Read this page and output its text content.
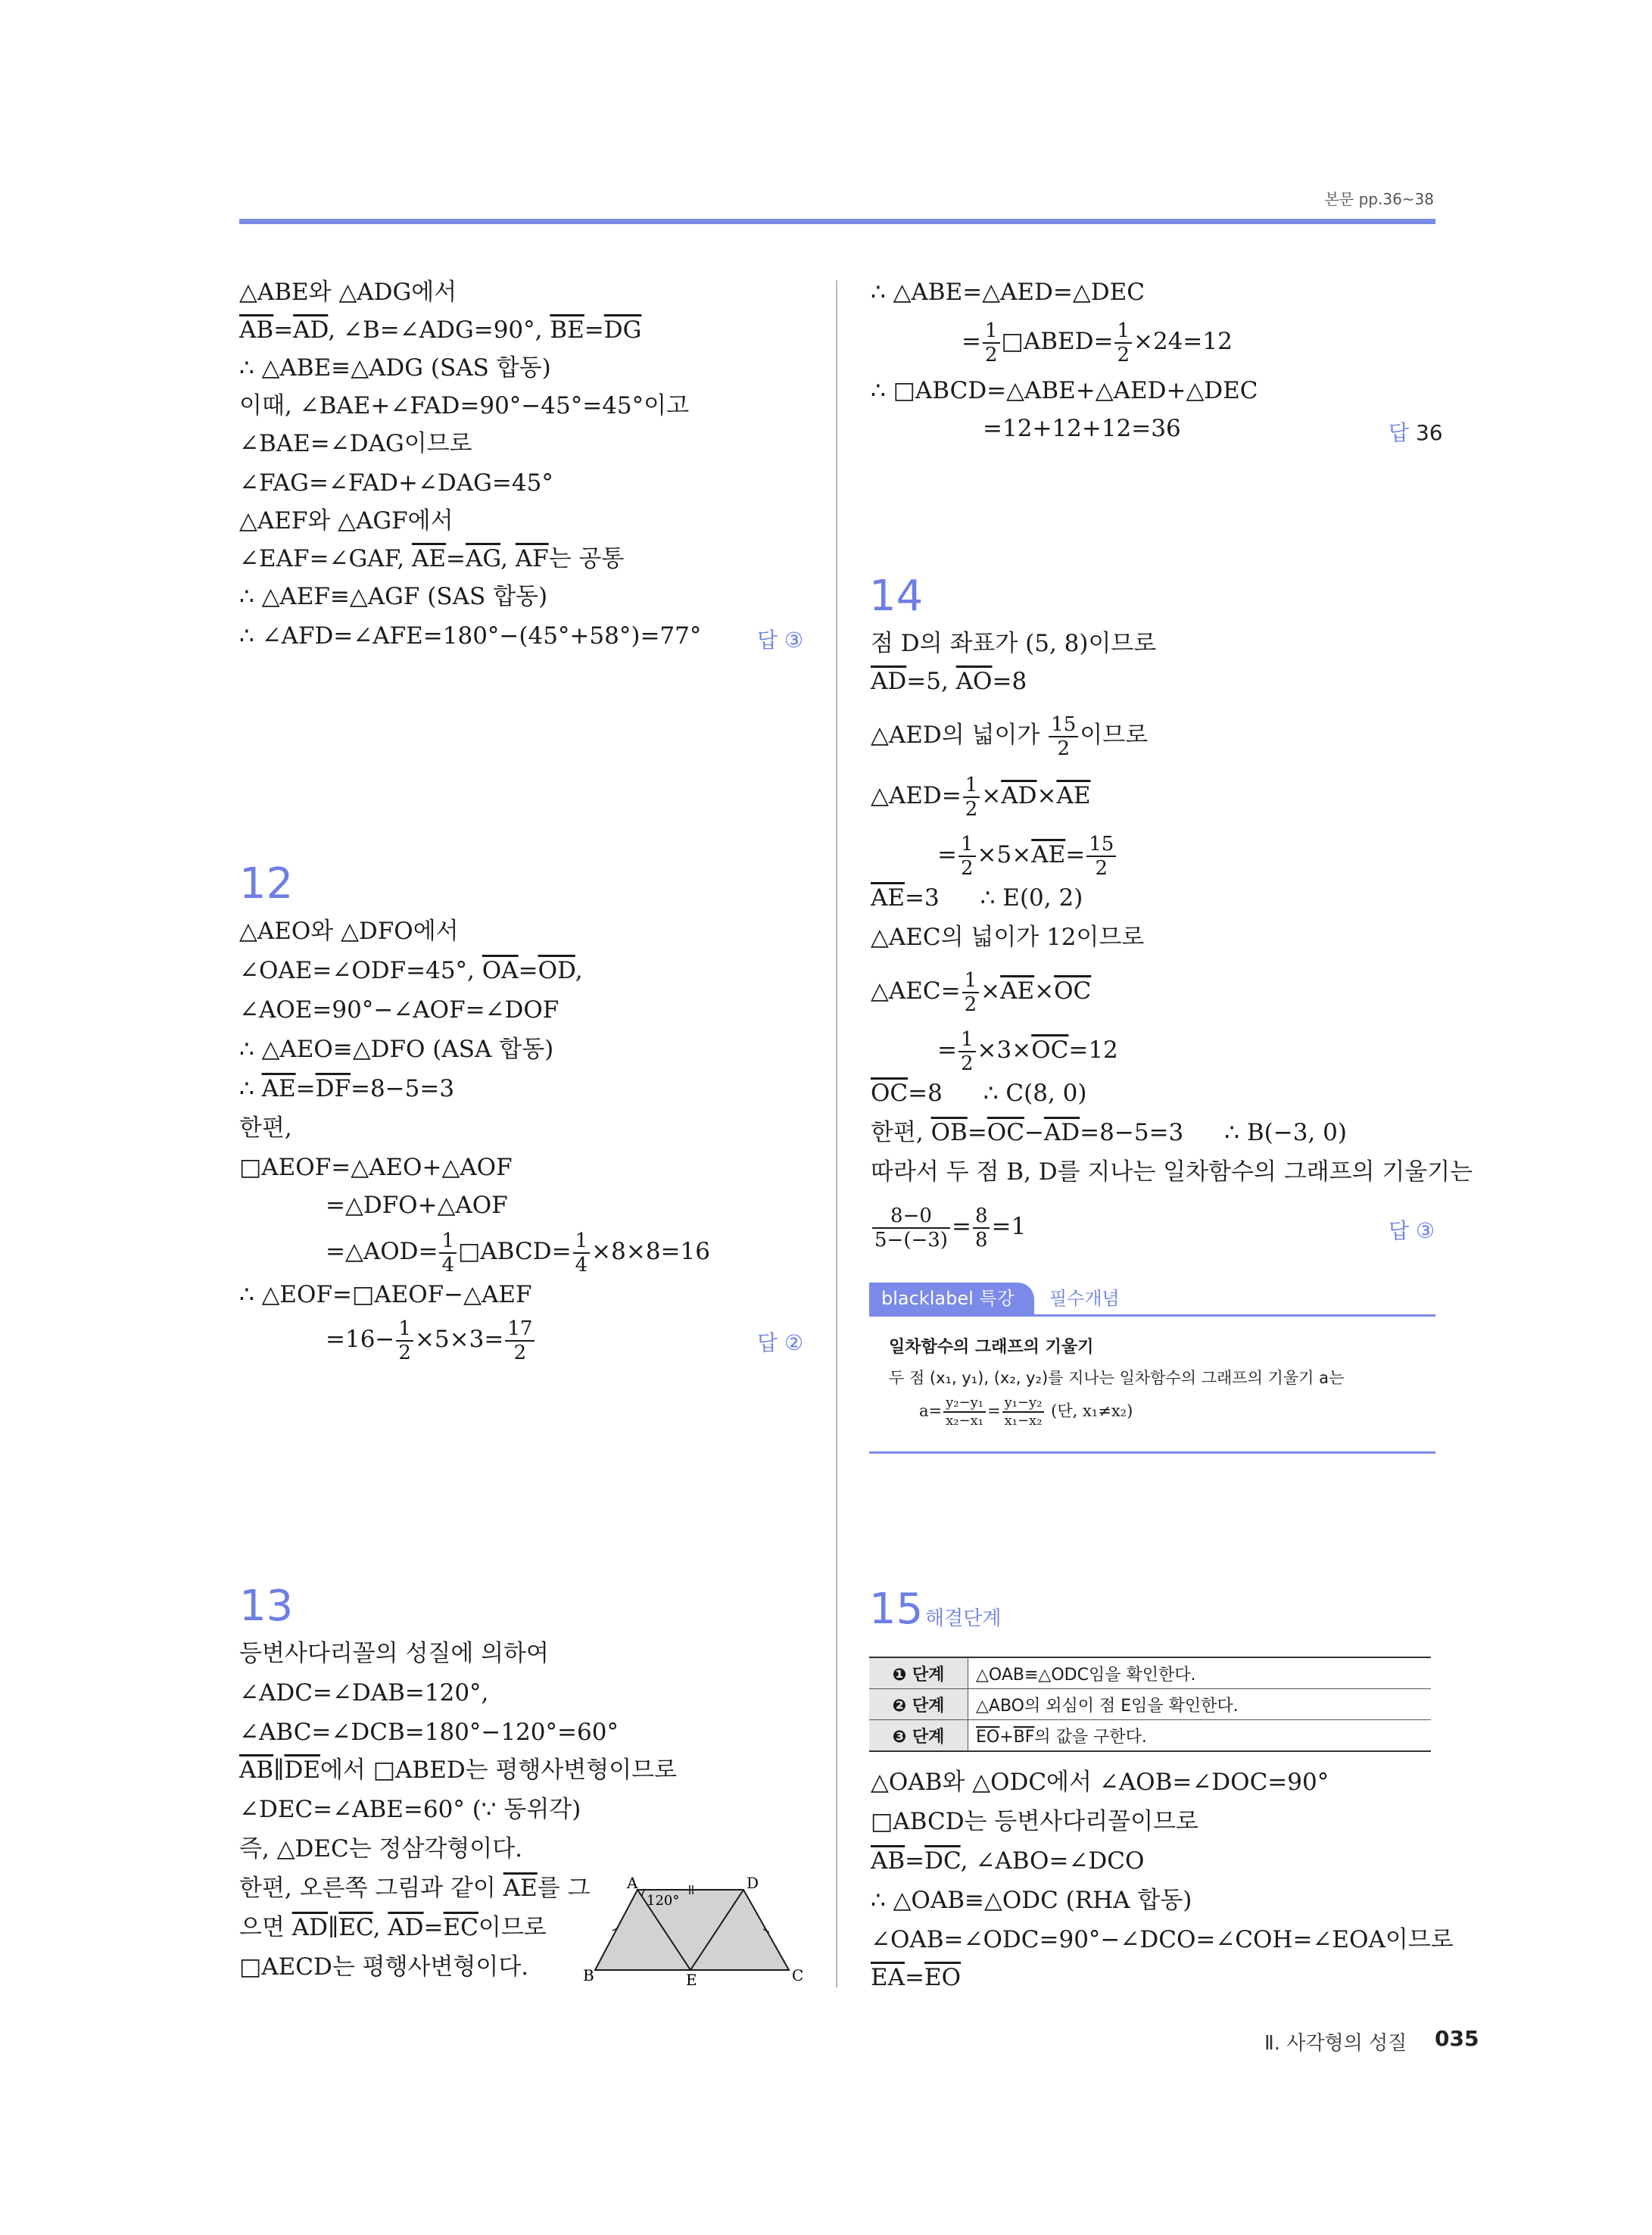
본문 pp.36~38
△ABE와 △ADG에서
$\overline{AB}=\overline{AD}$, ∠B=∠ADG=90°, $\overline{BE}=\overline{DG}$
∴ △ABE≡△ADG (SAS 합동)
이때, ∠BAE+∠FAD=90°−45°=45°이고
∠BAE=∠DAG이므로
∠FAG=∠FAD+∠DAG=45°
△AEF와 △AGF에서
∠EAF=∠GAF, $\overline{AE}=\overline{AG}$, $\overline{AF}$는 공통
∴ △AEF≡△AGF (SAS 합동)
∴ ∠AFD=∠AFE=180°−(45°+58°)=77°	답 ③
12
△AEO와 △DFO에서
∠OAE=∠ODF=45°, $\overline{OA}=\overline{OD}$,
∠AOE=90°−∠AOF=∠DOF
∴ △AEO≡△DFO (ASA 합동)
∴ $\overline{AE}=\overline{DF}=8-5=3$
한편,
□AEOF=△AEO+△AOF
=△DFO+△AOF
=△AOD= $\frac{1}{4}$ □ABCD= $\frac{1}{4} \times 8\times 8=16$
∴ △EOF=□AEOF−△AEF
$=16- \frac{1}{2} \times 5\times 3= \frac{17}{2}$	답 ②
13
등변사다리꼴의 성질에 의하여
∠ADC=∠DAB=120°,
∠ABC=∠DCB=180°−120°=60°
$\overline{AB}\parallel\overline{DE}$에서 □ABED는 평행사변형이므로
∠DEC=∠ABE=60° (∵ 동위각)
즉, △DEC는 정삼각형이다.
한편, 오른쪽 그림과 같이 $\overline{AE}$를 그
으면 $\overline{AD}\parallel\overline{EC}$, $\overline{AD}=\overline{EC}$이므로
□AECD는 평행사변형이다.
A	D
B	C
E
120°
∴ △ABE=△AED=△DEC
= $\frac{1}{2}$ □ABED= $\frac{1}{2} \times 24=12$
∴ □ABCD=△ABE+△AED+△DEC
=12+12+12=36	답 36
14
점 D의 좌표가 (5, 8)이므로
$\overline{AD}=5$, $\overline{AO}=8$
△AED의 넓이가 $\frac{15}{2}$ 이므로
△AED= $\frac{1}{2} \times\overline{AD}\times\overline{AE}$
= $\frac{1}{2} \times 5\times\overline{AE}= \frac{15}{2}$
$\overline{AE}=3$ ∴ E(0, 2)
△AEC의 넓이가 12이므로
△AEC= $\frac{1}{2} \times\overline{AE}\times\overline{OC}$
= $\frac{1}{2} \times 3\times\overline{OC}=12$
$\overline{OC}=8$ ∴ C(8, 0)
한편, $\overline{OB}=\overline{OC}-\overline{AD}=8-5=3$ ∴ B(−3, 0)
따라서 두 점 B, D를 지나는 일차함수의 그래프의 기울기는
$\frac{8-0}{5-(-3)} = \frac{8}{8} =1$	답 ③
blacklabel 특강	필수개념
일차함수의 그래프의 기울기
두 점 (x₁, y₁), (x₂, y₂)를 지나는 일차함수의 그래프의 기울기 a는
$a= \frac{\text{y₂−y₁}}{\text{x₂−x₁}} = \frac{\text{y₁−y₂}}{\text{x₁−x₂}}$ (단, x₁≠x₂)
15 해결단계
❶ 단계	△OAB≡△ODC임을 확인한다.
❷ 단계	△ABO의 외심이 점 E임을 확인한다.
❸ 단계	$\overline{EO}+\overline{BF}$의 값을 구한다.
△OAB와 △ODC에서 ∠AOB=∠DOC=90°
□ABCD는 등변사다리꼴이므로
$\overline{AB}=\overline{DC}$, ∠ABO=∠DCO
∴ △OAB≡△ODC (RHA 합동)
∠OAB=∠ODC=90°−∠DCO=∠COH=∠EOA이므로
$\overline{EA}=\overline{EO}$
Ⅱ. 사각형의 성질 035
